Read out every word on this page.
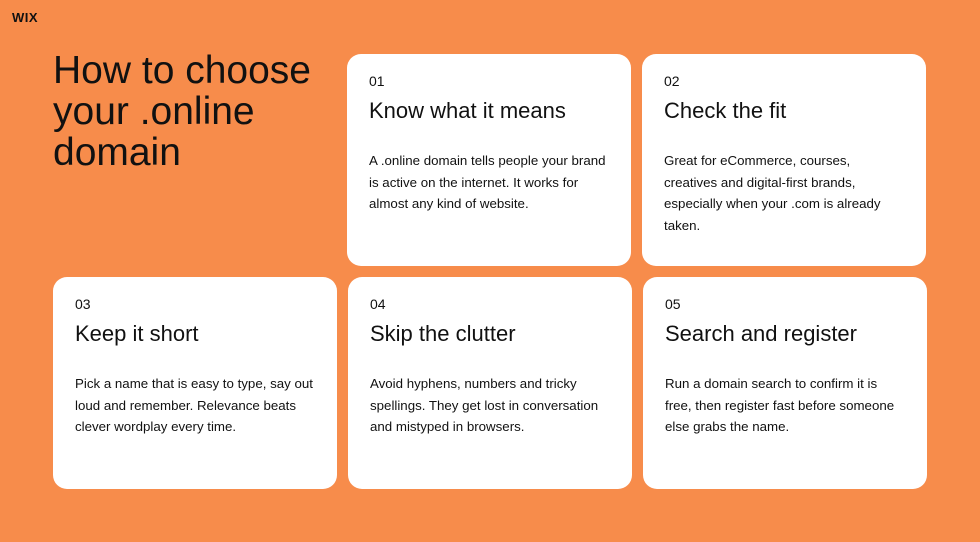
WIX
How to choose your .online domain

01

Know what it means

A .online domain tells people your brand is active on the internet. It works for almost any kind of website.

02

Check the fit

Great for eCommerce, courses, creatives and digital-first brands, especially when your .com is already taken.

03

Keep it short

Pick a name that is easy to type, say out loud and remember. Relevance beats clever wordplay every time.

04

Skip the clutter

Avoid hyphens, numbers and tricky spellings. They get lost in conversation and mistyped in browsers.

05

Search and register

Run a domain search to confirm it is free, then register fast before someone else grabs the name.
